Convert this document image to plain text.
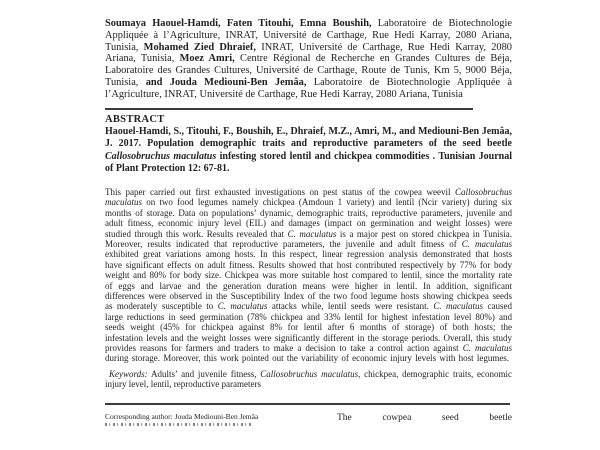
Soumaya Haouel-Hamdi, Faten Titouhi, Emna Boushih, Laboratoire de Biotechnologie Appliquée à l’Agriculture, INRAT, Université de Carthage, Rue Hedi Karray, 2080 Ariana, Tunisia, Mohamed Zied Dhraief, INRAT, Université de Carthage, Rue Hedi Karray, 2080 Ariana, Tunisia, Moez Amri, Centre Régional de Recherche en Grandes Cultures de Béja, Laboratoire des Grandes Cultures, Université de Carthage, Route de Tunis, Km 5, 9000 Béja, Tunisia, and Jouda Mediouni-Ben Jemâa, Laboratoire de Biotechnologie Appliquée à l’Agriculture, INRAT, Université de Carthage, Rue Hedi Karray, 2080 Ariana, Tunisia
ABSTRACT
Haouel-Hamdi, S., Titouhi, F., Boushih, E., Dhraief, M.Z., Amri, M., and Mediouni-Ben Jemâa, J. 2017. Population demographic traits and reproductive parameters of the seed beetle Callosobruchus maculatus infesting stored lentil and chickpea commodities . Tunisian Journal of Plant Protection 12: 67-81.
This paper carried out first exhausted investigations on pest status of the cowpea weevil Callosobruchus maculatus on two food legumes namely chickpea (Amdoun 1 variety) and lentil (Ncir variety) during six months of storage. Data on populations’ dynamic, demographic traits, reproductive parameters, juvenile and adult fitness, economic injury level (EIL) and damages (impact on germination and weight losses) were studied through this work. Results revealed that C. maculatus is a major pest on stored chickpea in Tunisia. Moreover, results indicated that reproductive parameters, the juvenile and adult fitness of C. maculatus exhibited great variations among hosts. In this respect, linear regression analysis demonstrated that hosts have significant effects on adult fitness. Results showed that host contributed respectively by 77% for body weight and 80% for body size. Chickpea was more suitable host compared to lentil, since the mortality rate of eggs and larvae and the generation duration means were higher in lentil. In addition, significant differences were observed in the Susceptibility Index of the two food legume hosts showing chickpea seeds as moderately susceptible to C. maculatus attacks while, lentil seeds were resistant. C. maculatus caused large reductions in seed germination (78% chickpea and 33% lentil for highest infestation level 80%) and seeds weight (45% for chickpea against 8% for lentil after 6 months of storage) of both hosts; the infestation levels and the weight losses were significantly different in the storage periods. Overall, this study provides reasons for farmers and traders to make a decision to take a control action against C. maculatus during storage. Moreover, this work pointed out the variability of economic injury levels with host legumes.
Keywords: Adults’ and juvenile fitness, Callosobruchus maculatus, chickpea, demographic traits, economic injury level, lentil, reproductive parameters
Corresponding author: Jouda Mediouni-Ben Jemâa	The cowpea seed beetle
